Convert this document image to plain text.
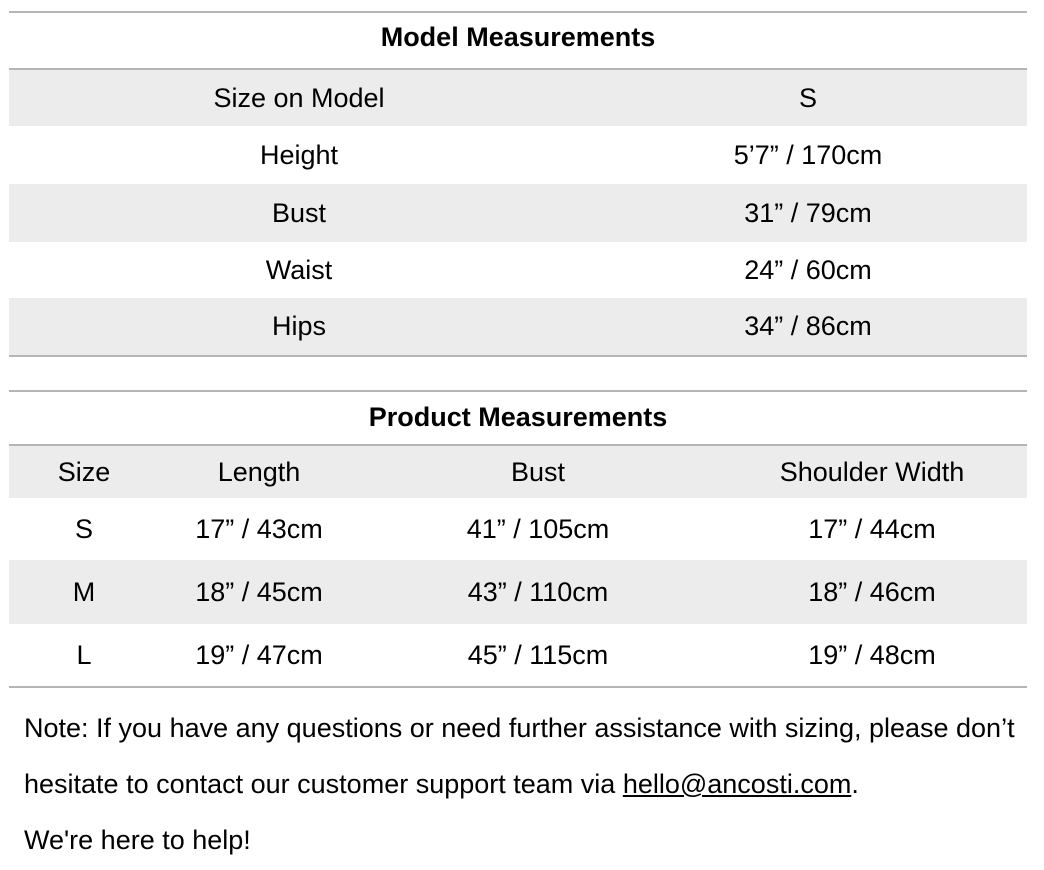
Model Measurements
Size on Model	S
Height	5’7” / 170cm
Bust	31” / 79cm
Waist	24” / 60cm
Hips	34” / 86cm
Product Measurements
Size	Length	Bust	Shoulder Width
S	17” / 43cm	41” / 105cm	17” / 44cm
M	18” / 45cm	43” / 110cm	18” / 46cm
L	19” / 47cm	45” / 115cm	19” / 48cm
Note: If you have any questions or need further assistance with sizing, please don’t hesitate to contact our customer support team via hello@ancosti.com.
We're here to help!
